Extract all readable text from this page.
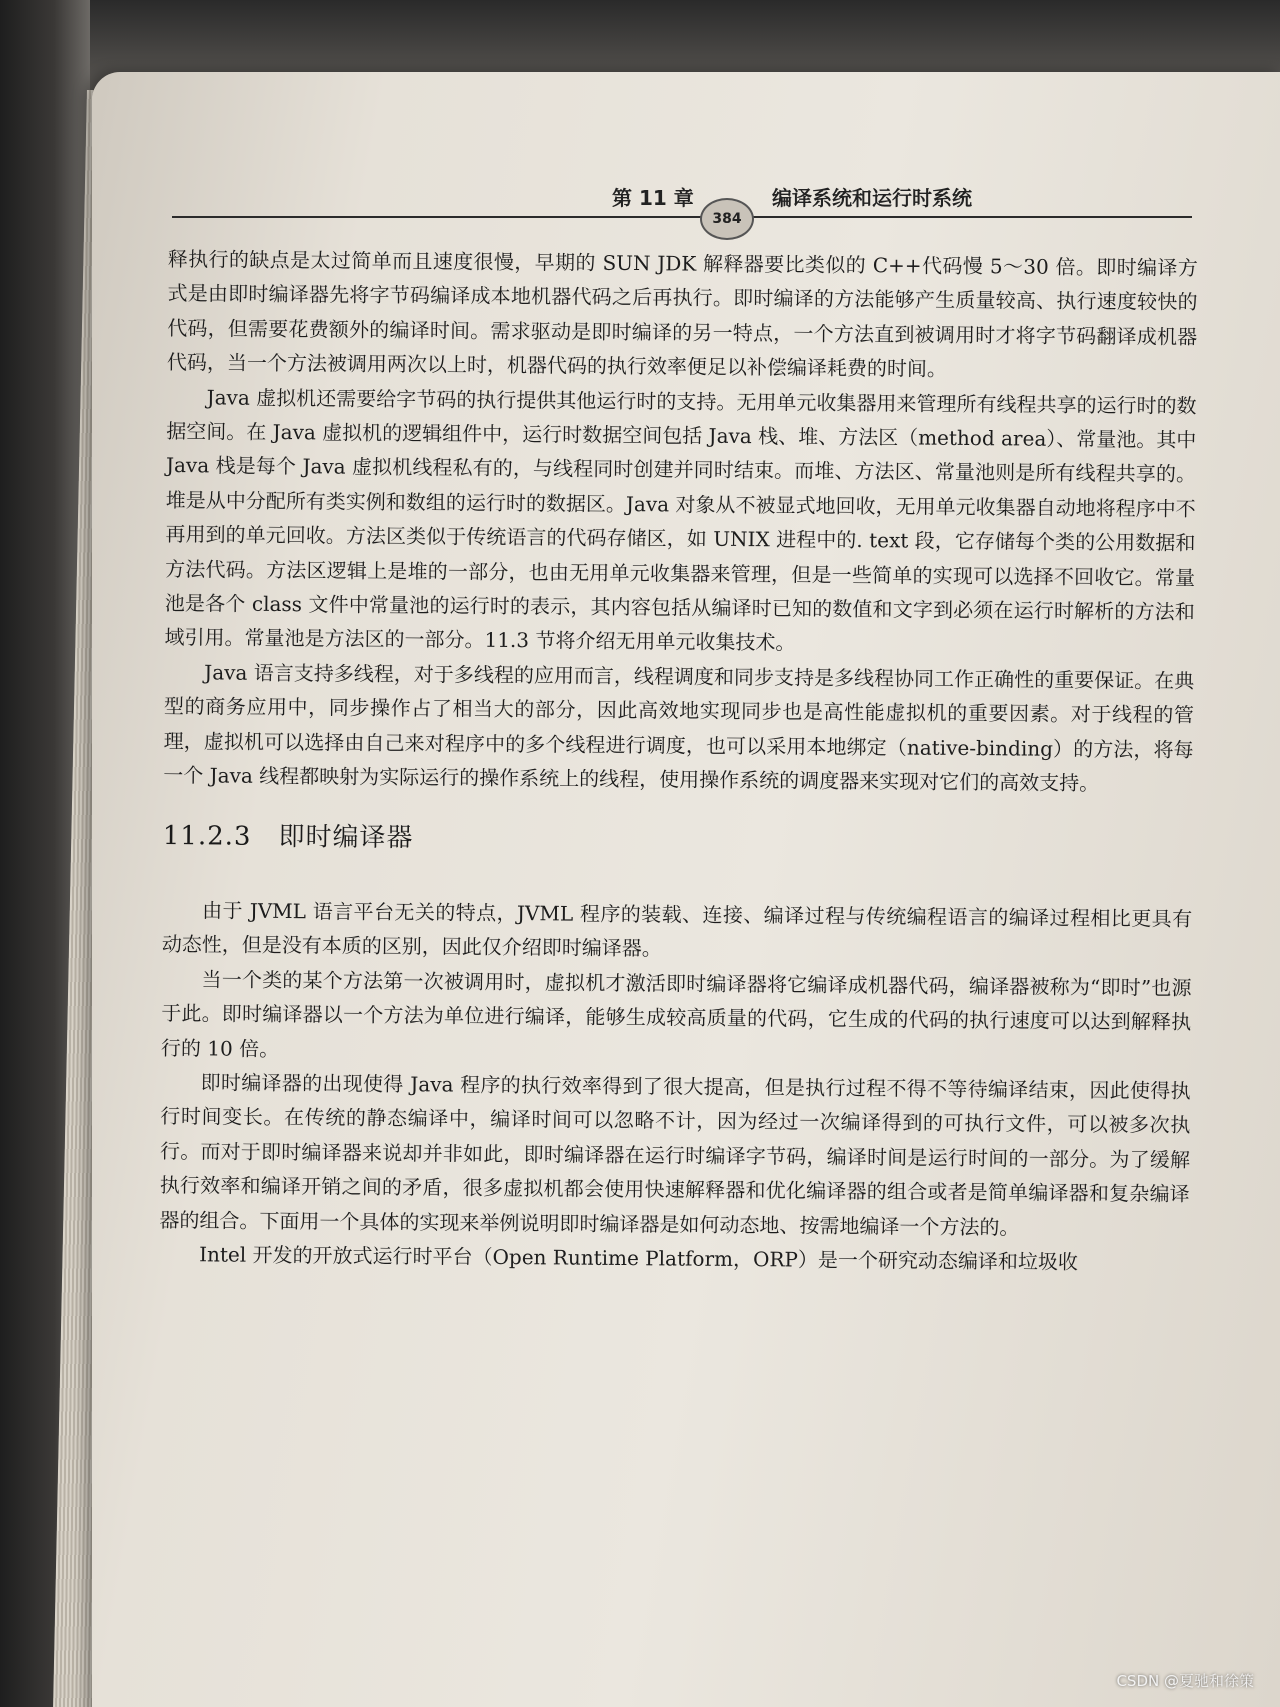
第 11 章	编译系统和运行时系统
384

释执行的缺点是太过简单而且速度很慢，早期的 SUN JDK 解释器要比类似的 C++代码慢 5～30 倍。即时编译方式是由即时编译器先将字节码编译成本地机器代码之后再执行。即时编译的方法能够产生质量较高、执行速度较快的代码，但需要花费额外的编译时间。需求驱动是即时编译的另一特点，一个方法直到被调用时才将字节码翻译成机器代码，当一个方法被调用两次以上时，机器代码的执行效率便足以补偿编译耗费的时间。

Java 虚拟机还需要给字节码的执行提供其他运行时的支持。无用单元收集器用来管理所有线程共享的运行时的数据空间。在 Java 虚拟机的逻辑组件中，运行时数据空间包括 Java 栈、堆、方法区（method area）、常量池。其中 Java 栈是每个 Java 虚拟机线程私有的，与线程同时创建并同时结束。而堆、方法区、常量池则是所有线程共享的。堆是从中分配所有类实例和数组的运行时的数据区。Java 对象从不被显式地回收，无用单元收集器自动地将程序中不再用到的单元回收。方法区类似于传统语言的代码存储区，如 UNIX 进程中的. text 段，它存储每个类的公用数据和方法代码。方法区逻辑上是堆的一部分，也由无用单元收集器来管理，但是一些简单的实现可以选择不回收它。常量池是各个 class 文件中常量池的运行时的表示，其内容包括从编译时已知的数值和文字到必须在运行时解析的方法和域引用。常量池是方法区的一部分。11.3 节将介绍无用单元收集技术。

Java 语言支持多线程，对于多线程的应用而言，线程调度和同步支持是多线程协同工作正确性的重要保证。在典型的商务应用中，同步操作占了相当大的部分，因此高效地实现同步也是高性能虚拟机的重要因素。对于线程的管理，虚拟机可以选择由自己来对程序中的多个线程进行调度，也可以采用本地绑定（native-binding）的方法，将每一个 Java 线程都映射为实际运行的操作系统上的线程，使用操作系统的调度器来实现对它们的高效支持。

11.2.3　即时编译器

由于 JVML 语言平台无关的特点，JVML 程序的装载、连接、编译过程与传统编程语言的编译过程相比更具有动态性，但是没有本质的区别，因此仅介绍即时编译器。

当一个类的某个方法第一次被调用时，虚拟机才激活即时编译器将它编译成机器代码，编译器被称为“即时”也源于此。即时编译器以一个方法为单位进行编译，能够生成较高质量的代码，它生成的代码的执行速度可以达到解释执行的 10 倍。

即时编译器的出现使得 Java 程序的执行效率得到了很大提高，但是执行过程不得不等待编译结束，因此使得执行时间变长。在传统的静态编译中，编译时间可以忽略不计，因为经过一次编译得到的可执行文件，可以被多次执行。而对于即时编译器来说却并非如此，即时编译器在运行时编译字节码，编译时间是运行时间的一部分。为了缓解执行效率和编译开销之间的矛盾，很多虚拟机都会使用快速解释器和优化编译器的组合或者是简单编译器和复杂编译器的组合。下面用一个具体的实现来举例说明即时编译器是如何动态地、按需地编译一个方法的。

Intel 开发的开放式运行时平台（Open Runtime Platform，ORP）是一个研究动态编译和垃圾收

CSDN @夏驰和徐策
